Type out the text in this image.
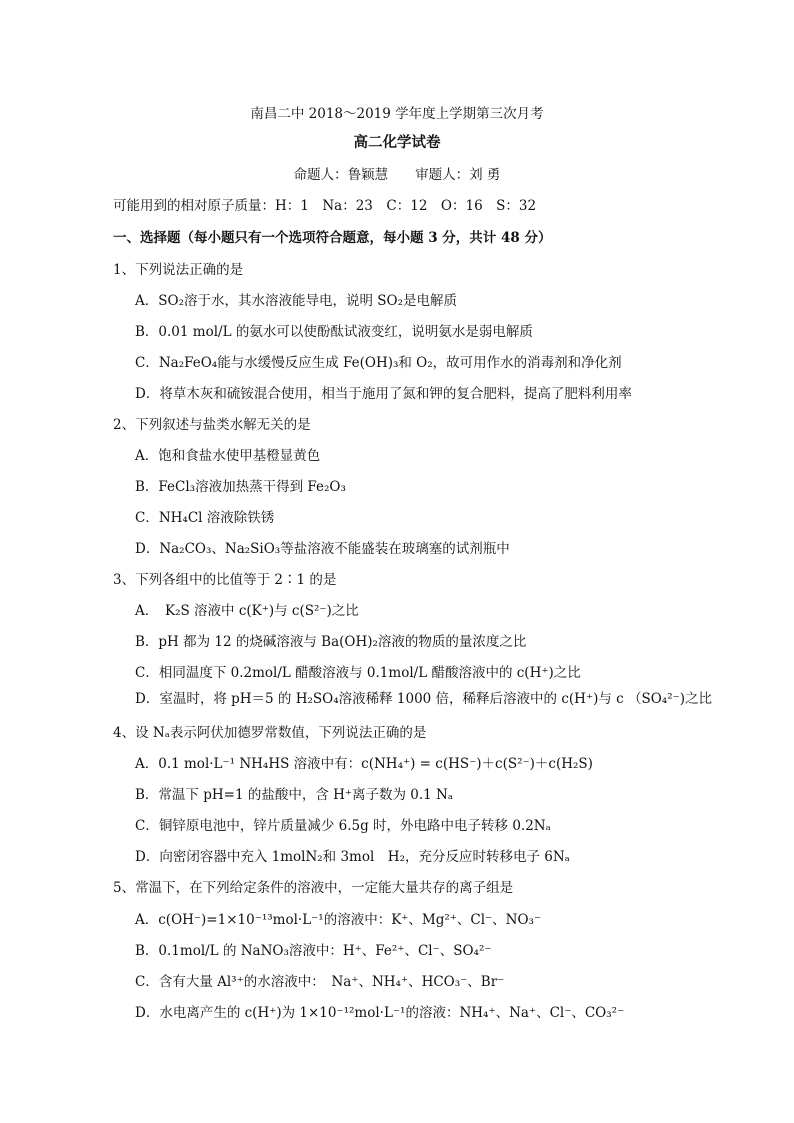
南昌二中 2018～2019 学年度上学期第三次月考
高二化学试卷
命题人：鲁颖慧　　审题人：刘 勇
可能用到的相对原子质量：H：1　Na：23　C：12　O：16　S：32
一、选择题（每小题只有一个选项符合题意，每小题 3 分，共计 48 分）
1、下列说法正确的是
A．SO₂溶于水，其水溶液能导电，说明 SO₂是电解质
B．0.01 mol/L 的氨水可以使酚酞试液变红，说明氨水是弱电解质
C．Na₂FeO₄能与水缓慢反应生成 Fe(OH)₃和 O₂，故可用作水的消毒剂和净化剂
D．将草木灰和硫铵混合使用，相当于施用了氮和钾的复合肥料，提高了肥料利用率
2、下列叙述与盐类水解无关的是
A．饱和食盐水使甲基橙显黄色
B．FeCl₃溶液加热蒸干得到 Fe₂O₃
C．NH₄Cl 溶液除铁锈
D．Na₂CO₃、Na₂SiO₃等盐溶液不能盛装在玻璃塞的试剂瓶中
3、下列各组中的比值等于 2∶1 的是
A．　K₂S 溶液中 c(K⁺)与 c(S²⁻)之比
B．pH 都为 12 的烧碱溶液与 Ba(OH)₂溶液的物质的量浓度之比
C．相同温度下 0.2mol/L 醋酸溶液与 0.1mol/L 醋酸溶液中的 c(H⁺)之比
D．室温时，将 pH＝5 的 H₂SO₄溶液稀释 1000 倍，稀释后溶液中的 c(H⁺)与 c （SO₄²⁻)之比
4、设 Nₐ表示阿伏加德罗常数值，下列说法正确的是
A．0.1 mol·L⁻¹ NH₄HS 溶液中有：c(NH₄⁺) = c(HS⁻)＋c(S²⁻)＋c(H₂S)
B．常温下 pH=1 的盐酸中，含 H⁺离子数为 0.1 Nₐ
C．铜锌原电池中，锌片质量减少 6.5g 时，外电路中电子转移 0.2Nₐ
D．向密闭容器中充入 1molN₂和 3mol　H₂，充分反应时转移电子 6Nₐ
5、常温下，在下列给定条件的溶液中，一定能大量共存的离子组是
A．c(OH⁻)=1×10⁻¹³mol·L⁻¹的溶液中：K⁺、Mg²⁺、Cl⁻、NO₃⁻
B．0.1mol/L 的 NaNO₃溶液中：H⁺、Fe²⁺、Cl⁻、SO₄²⁻
C．含有大量 Al³⁺的水溶液中：　Na⁺、NH₄⁺、HCO₃⁻、Br⁻
D．水电离产生的 c(H⁺)为 1×10⁻¹²mol·L⁻¹的溶液：NH₄⁺、Na⁺、Cl⁻、CO₃²⁻
